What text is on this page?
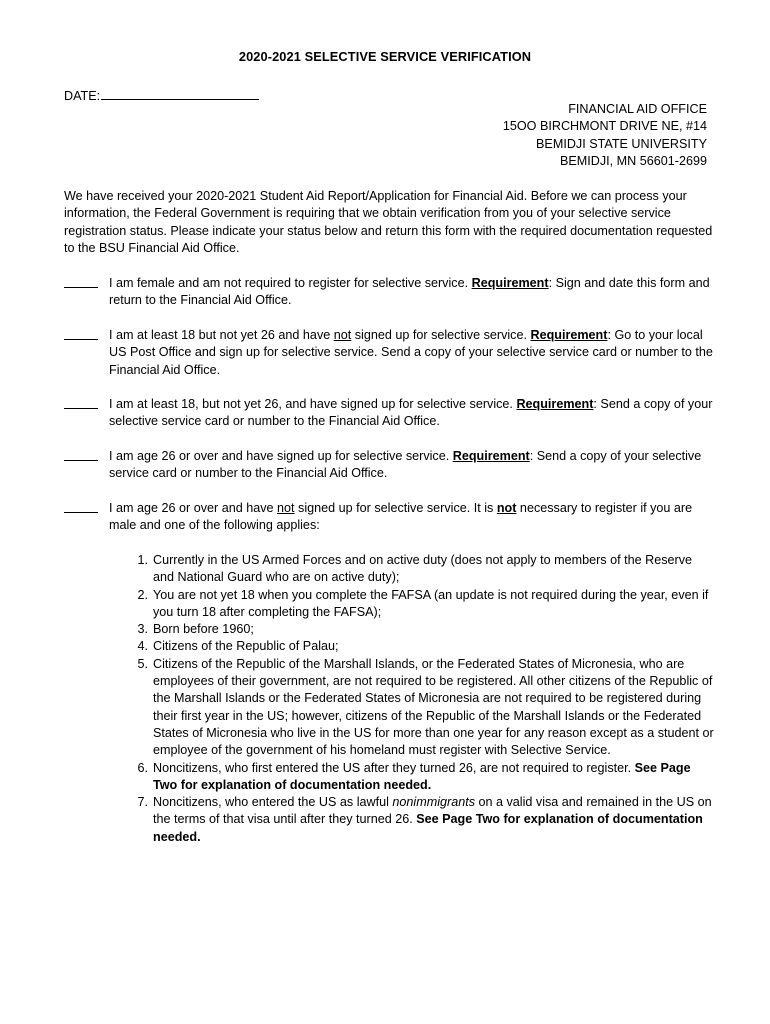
2020-2021 SELECTIVE SERVICE VERIFICATION
DATE:
FINANCIAL AID OFFICE
15OO BIRCHMONT DRIVE NE, #14
BEMIDJI STATE UNIVERSITY
BEMIDJI, MN 56601-2699
We have received your 2020-2021 Student Aid Report/Application for Financial Aid. Before we can process your information, the Federal Government is requiring that we obtain verification from you of your selective service registration status. Please indicate your status below and return this form with the required documentation requested to the BSU Financial Aid Office.
I am female and am not required to register for selective service. Requirement: Sign and date this form and return to the Financial Aid Office.
I am at least 18 but not yet 26 and have not signed up for selective service. Requirement: Go to your local US Post Office and sign up for selective service. Send a copy of your selective service card or number to the Financial Aid Office.
I am at least 18, but not yet 26, and have signed up for selective service. Requirement: Send a copy of your selective service card or number to the Financial Aid Office.
I am age 26 or over and have signed up for selective service. Requirement: Send a copy of your selective service card or number to the Financial Aid Office.
I am age 26 or over and have not signed up for selective service. It is not necessary to register if you are male and one of the following applies:
1. Currently in the US Armed Forces and on active duty (does not apply to members of the Reserve and National Guard who are on active duty);
2. You are not yet 18 when you complete the FAFSA (an update is not required during the year, even if you turn 18 after completing the FAFSA);
3. Born before 1960;
4. Citizens of the Republic of Palau;
5. Citizens of the Republic of the Marshall Islands, or the Federated States of Micronesia, who are employees of their government, are not required to be registered. All other citizens of the Republic of the Marshall Islands or the Federated States of Micronesia are not required to be registered during their first year in the US; however, citizens of the Republic of the Marshall Islands or the Federated States of Micronesia who live in the US for more than one year for any reason except as a student or employee of the government of his homeland must register with Selective Service.
6. Noncitizens, who first entered the US after they turned 26, are not required to register. See Page Two for explanation of documentation needed.
7. Noncitizens, who entered the US as lawful nonimmigrants on a valid visa and remained in the US on the terms of that visa until after they turned 26. See Page Two for explanation of documentation needed.
